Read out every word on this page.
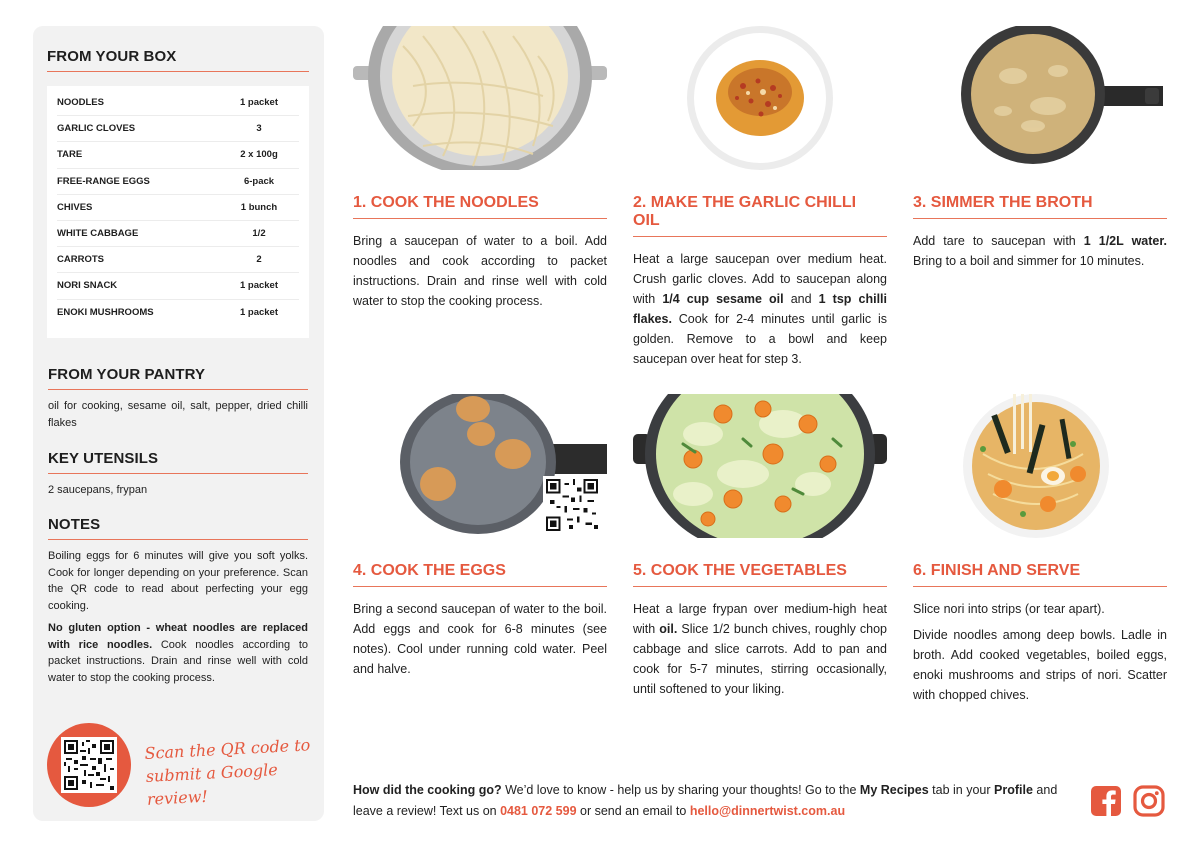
FROM YOUR BOX
NOODLES	1 packet
GARLIC CLOVES	3
TARE	2 x 100g
FREE-RANGE EGGS	6-pack
CHIVES	1 bunch
WHITE CABBAGE	1/2
CARROTS	2
NORI SNACK	1 packet
ENOKI MUSHROOMS	1 packet
FROM YOUR PANTRY
oil for cooking, sesame oil, salt, pepper, dried chilli flakes
KEY UTENSILS
2 saucepans, frypan
NOTES

Boiling eggs for 6 minutes will give you soft yolks. Cook for longer depending on your preference. Scan the QR code to read about perfecting your egg cooking.

No gluten option - wheat noodles are replaced with rice noodles. Cook noodles according to packet instructions. Drain and rinse well with cold water to stop the cooking process.

Scan the QR code to
submit a Google review!
1. COOK THE NOODLES

Bring a saucepan of water to a boil. Add noodles and cook according to packet instructions. Drain and rinse well with cold water to stop the cooking process.

2. MAKE THE GARLIC CHILLI OIL

Heat a large saucepan over medium heat. Crush garlic cloves. Add to saucepan along with 1/4 cup sesame oil and 1 tsp chilli flakes. Cook for 2-4 minutes until garlic is golden. Remove to a bowl and keep saucepan over heat for step 3.

3. SIMMER THE BROTH

Add tare to saucepan with 1 1/2L water. Bring to a boil and simmer for 10 minutes.

4. COOK THE EGGS

Bring a second saucepan of water to the boil. Add eggs and cook for 6-8 minutes (see notes). Cool under running cold water. Peel and halve.

5. COOK THE VEGETABLES

Heat a large frypan over medium-high heat with oil. Slice 1/2 bunch chives, roughly chop cabbage and slice carrots. Add to pan and cook for 5-7 minutes, stirring occasionally, until softened to your liking.

6. FINISH AND SERVE

Slice nori into strips (or tear apart).

Divide noodles among deep bowls. Ladle in broth. Add cooked vegetables, boiled eggs, enoki mushrooms and strips of nori. Scatter with chopped chives.

How did the cooking go? We’d love to know - help us by sharing your thoughts! Go to the My Recipes tab in your Profile and leave a review! Text us on 0481 072 599 or send an email to hello@dinnertwist.com.au
